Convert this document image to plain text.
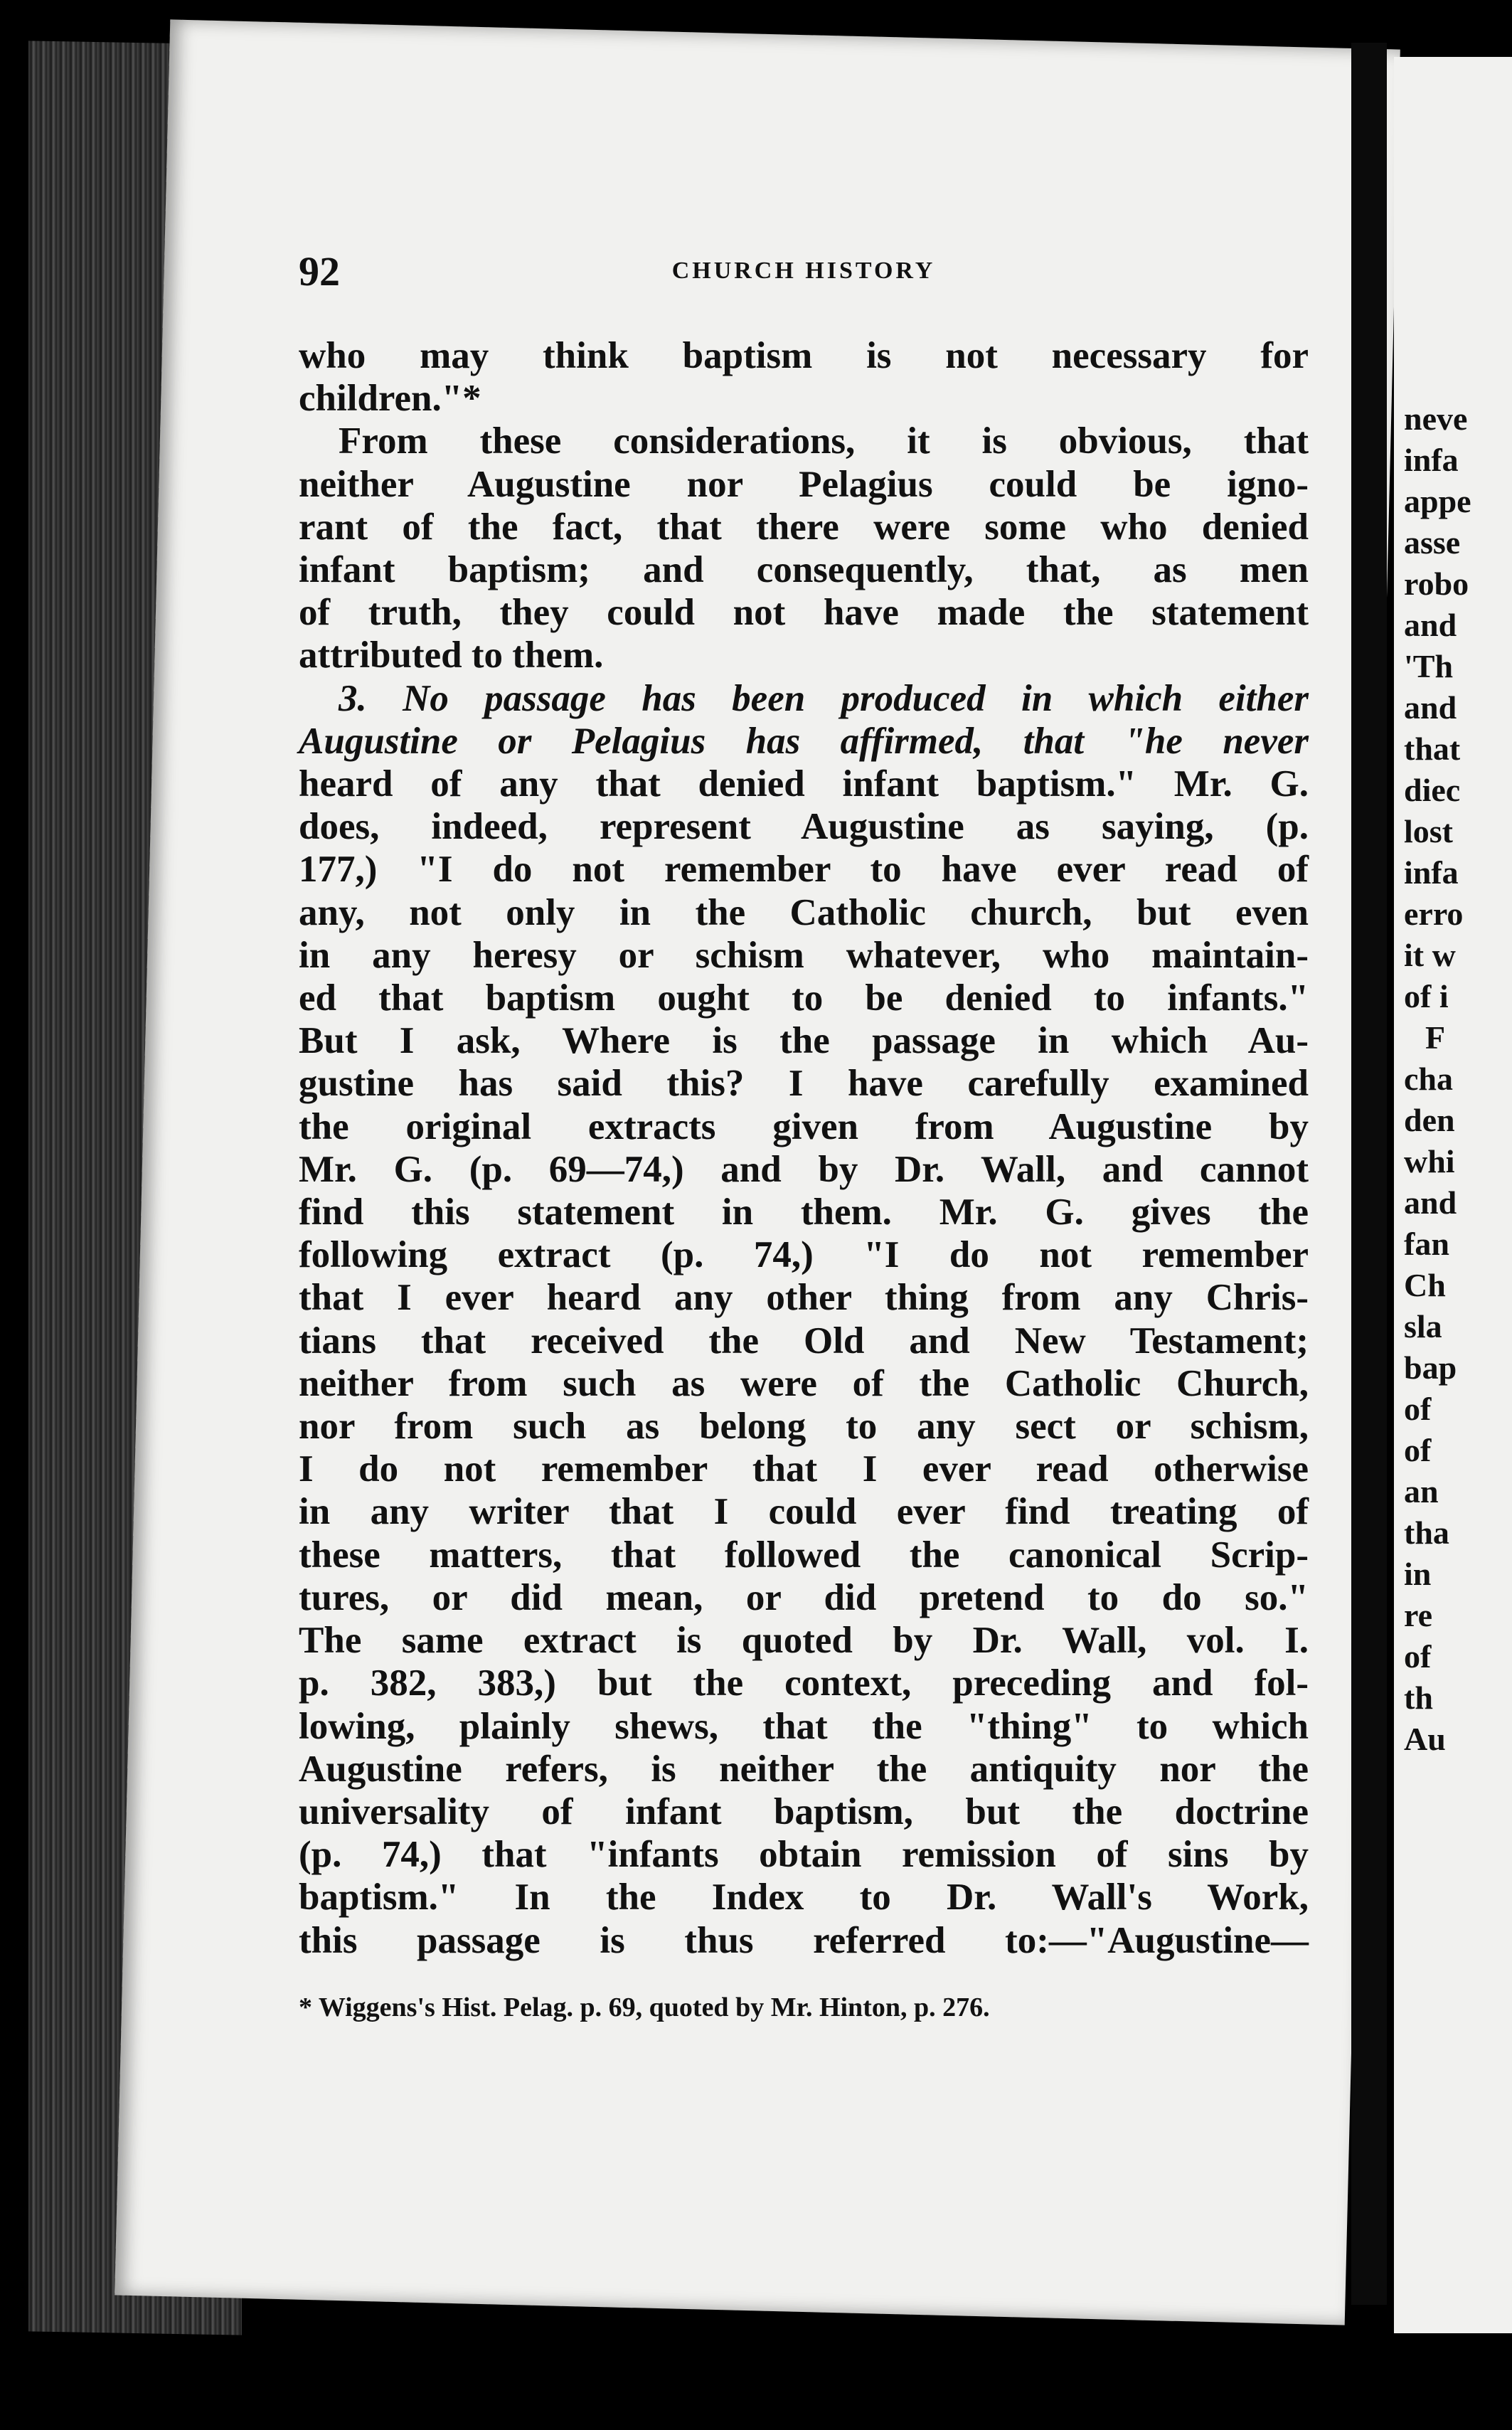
92	CHURCH HISTORY
who may think baptism is not necessary for
children."*
From these considerations, it is obvious, that
neither Augustine nor Pelagius could be igno-
rant of the fact, that there were some who denied
infant baptism; and consequently, that, as men
of truth, they could not have made the statement
attributed to them.
3. No passage has been produced in which either
Augustine or Pelagius has affirmed, that "he never
heard of any that denied infant baptism." Mr. G.
does, indeed, represent Augustine as saying, (p.
177,) "I do not remember to have ever read of
any, not only in the Catholic church, but even
in any heresy or schism whatever, who maintain-
ed that baptism ought to be denied to infants."
But I ask, Where is the passage in which Au-
gustine has said this? I have carefully examined
the original extracts given from Augustine by
Mr. G. (p. 69—74,) and by Dr. Wall, and cannot
find this statement in them. Mr. G. gives the
following extract (p. 74,) "I do not remember
that I ever heard any other thing from any Chris-
tians that received the Old and New Testament;
neither from such as were of the Catholic Church,
nor from such as belong to any sect or schism,
I do not remember that I ever read otherwise
in any writer that I could ever find treating of
these matters, that followed the canonical Scrip-
tures, or did mean, or did pretend to do so."
The same extract is quoted by Dr. Wall, vol. I.
p. 382, 383,) but the context, preceding and fol-
lowing, plainly shews, that the "thing" to which
Augustine refers, is neither the antiquity nor the
universality of infant baptism, but the doctrine
(p. 74,) that "infants obtain remission of sins by
baptism." In the Index to Dr. Wall's Work,
this passage is thus referred to:—"Augustine—
* Wiggens's Hist. Pelag. p. 69, quoted by Mr. Hinton, p. 276.
neve
infa
appe
asse
robo
and
'Th
and
that
diec
lost
infa
erro
it w
of i
F
cha
den
whi
and
fan
Ch
sla
bap
of
of
an
tha
in
re
of
th
Au
